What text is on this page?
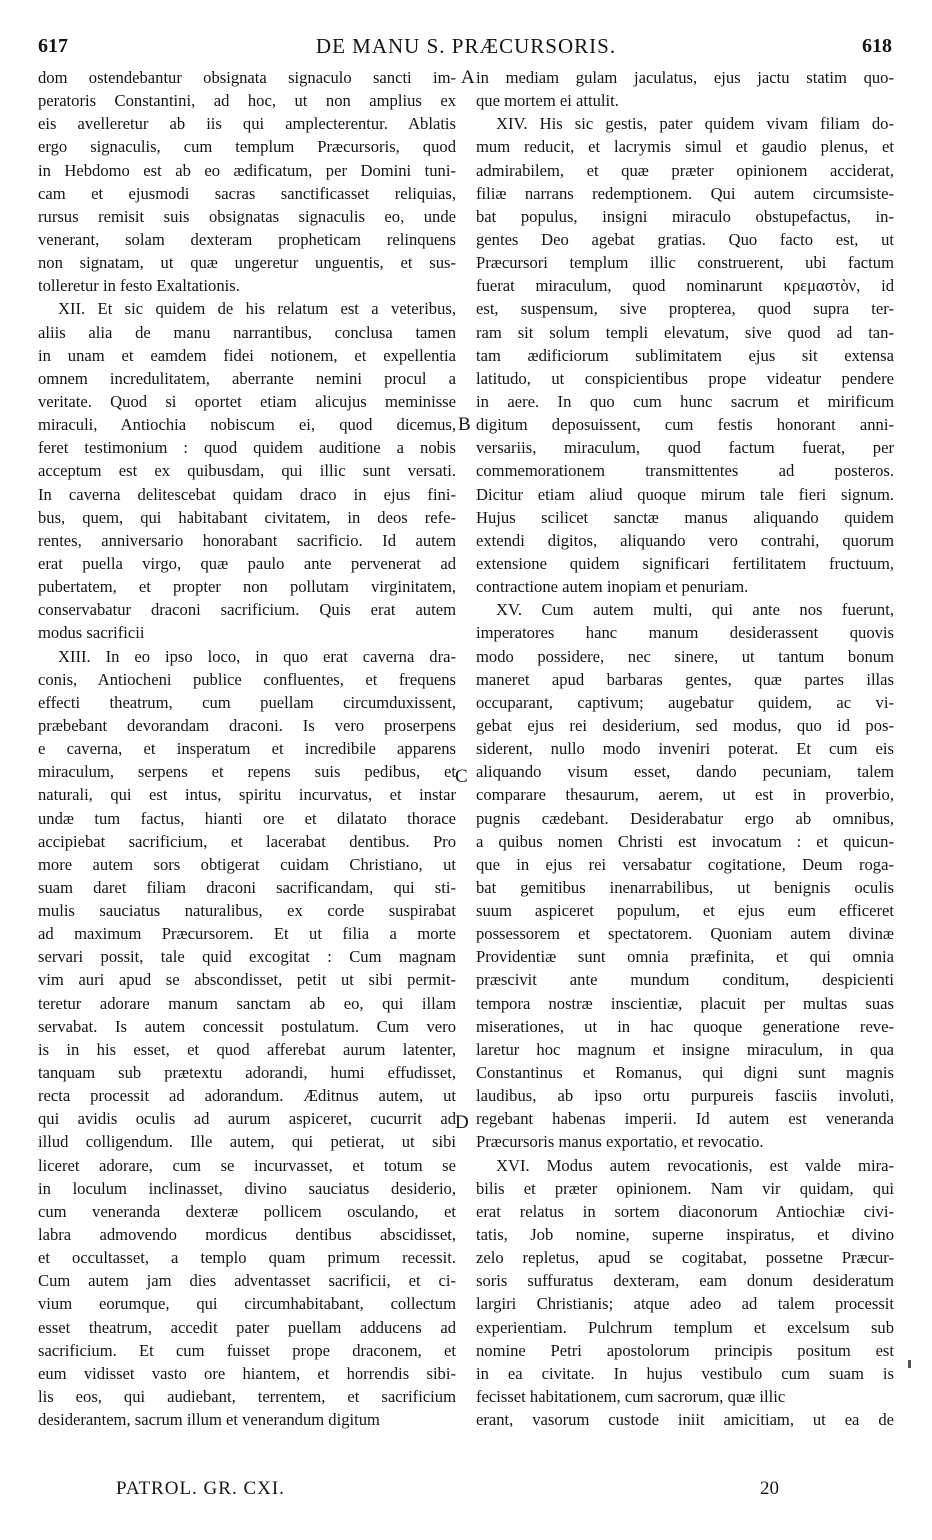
617	DE MANU S. PRÆCURSORIS.	618
dom ostendebantur obsignata signaculo sancti im-
peratoris Constantini, ad hoc, ut non amplius ex
eis avelleretur ab iis qui amplecterentur. Ablatis
ergo signaculis, cum templum Præcursoris, quod
in Hebdomo est ab eo ædificatum, per Domini tuni-
cam et ejusmodi sacras sanctificasset reliquias,
rursus remisit suis obsignatas signaculis eo, unde
venerant, solam dexteram propheticam relinquens
non signatam, ut quæ ungeretur unguentis, et sus-
tolleretur in festo Exaltationis.
XII. Et sic quidem de his relatum est a veteribus,
aliis alia de manu narrantibus, conclusa tamen
in unam et eamdem fidei notionem, et expellentia
omnem incredulitatem, aberrante nemini procul a
veritate. Quod si oportet etiam alicujus meminisse
miraculi, Antiochia nobiscum ei, quod dicemus,
feret testimonium : quod quidem auditione a nobis
acceptum est ex quibusdam, qui illic sunt versati.
In caverna delitescebat quidam draco in ejus fini-
bus, quem, qui habitabant civitatem, in deos refe-
rentes, anniversario honorabant sacrificio. Id autem
erat puella virgo, quæ paulo ante pervenerat ad
pubertatem, et propter non pollutam virginitatem,
conservabatur draconi sacrificium. Quis erat autem
modus sacrificii
XIII. In eo ipso loco, in quo erat caverna dra-
conis, Antiocheni publice confluentes, et frequens
effecti theatrum, cum puellam circumduxissent,
præbebant devorandam draconi. Is vero proserpens
e caverna, et insperatum et incredibile apparens
miraculum, serpens et repens suis pedibus, et
naturali, qui est intus, spiritu incurvatus, et instar
undæ tum factus, hianti ore et dilatato thorace
accipiebat sacrificium, et lacerabat dentibus. Pro
more autem sors obtigerat cuidam Christiano, ut
suam daret filiam draconi sacrificandam, qui sti-
mulis sauciatus naturalibus, ex corde suspirabat
ad maximum Præcursorem. Et ut filia a morte
servari possit, tale quid excogitat : Cum magnam
vim auri apud se abscondisset, petit ut sibi permit-
teretur adorare manum sanctam ab eo, qui illam
servabat. Is autem concessit postulatum. Cum vero
is in his esset, et quod afferebat aurum latenter,
tanquam sub prætextu adorandi, humi effudisset,
recta processit ad adorandum. Æditnus autem, ut
qui avidis oculis ad aurum aspiceret, cucurrit ad
illud colligendum. Ille autem, qui petierat, ut sibi
liceret adorare, cum se incurvasset, et totum se
in loculum inclinasset, divino sauciatus desiderio,
cum veneranda dexteræ pollicem osculando, et
labra admovendo mordicus dentibus abscidisset,
et occultasset, a templo quam primum recessit.
Cum autem jam dies adventasset sacrificii, et ci-
vium eorumque, qui circumhabitabant, collectum
esset theatrum, accedit pater puellam adducens ad
sacrificium. Et cum fuisset prope draconem, et
eum vidisset vasto ore hiantem, et horrendis sibi-
lis eos, qui audiebant, terrentem, et sacrificium
desiderantem, sacrum illum et venerandum digitum
in mediam gulam jaculatus, ejus jactu statim quo-
que mortem ei attulit.
XIV. His sic gestis, pater quidem vivam filiam do-
mum reducit, et lacrymis simul et gaudio plenus, et
admirabilem, et quæ præter opinionem acciderat,
filiæ narrans redemptionem. Qui autem circumsiste-
bat populus, insigni miraculo obstupefactus, in-
gentes Deo agebat gratias. Quo facto est, ut
Præcursori templum illic construerent, ubi factum
fuerat miraculum, quod nominarunt κρεμαστὸν, id
est, suspensum, sive propterea, quod supra ter-
ram sit solum templi elevatum, sive quod ad tan-
tam ædificiorum sublimitatem ejus sit extensa
latitudo, ut conspicientibus prope videatur pendere
in aere. In quo cum hunc sacrum et mirificum
digitum deposuissent, cum festis honorant anni-
versariis, miraculum, quod factum fuerat, per
commemorationem transmittentes ad posteros.
Dicitur etiam aliud quoque mirum tale fieri signum.
Hujus scilicet sanctæ manus aliquando quidem
extendi digitos, aliquando vero contrahi, quorum
extensione quidem significari fertilitatem fructuum,
contractione autem inopiam et penuriam.
XV. Cum autem multi, qui ante nos fuerunt,
imperatores hanc manum desiderassent quovis
modo possidere, nec sinere, ut tantum bonum
maneret apud barbaras gentes, quæ partes illas
occuparant, captivum; augebatur quidem, ac vi-
gebat ejus rei desiderium, sed modus, quo id pos-
siderent, nullo modo inveniri poterat. Et cum eis
aliquando visum esset, dando pecuniam, talem
comparare thesaurum, aerem, ut est in proverbio,
pugnis cædebant. Desiderabatur ergo ab omnibus,
a quibus nomen Christi est invocatum : et quicun-
que in ejus rei versabatur cogitatione, Deum roga-
bat gemitibus inenarrabilibus, ut benignis oculis
suum aspiceret populum, et ejus eum efficeret
possessorem et spectatorem. Quoniam autem divinæ
Providentiæ sunt omnia præfinita, et qui omnia
præscivit ante mundum conditum, despicienti
tempora nostræ inscientiæ, placuit per multas suas
miserationes, ut in hac quoque generatione reve-
laretur hoc magnum et insigne miraculum, in qua
Constantinus et Romanus, qui digni sunt magnis
laudibus, ab ipso ortu purpureis fasciis involuti,
regebant habenas imperii. Id autem est veneranda
Præcursoris manus exportatio, et revocatio.
XVI. Modus autem revocationis, est valde mira-
bilis et præter opinionem. Nam vir quidam, qui
erat relatus in sortem diaconorum Antiochiæ civi-
tatis, Job nomine, superne inspiratus, et divino
zelo repletus, apud se cogitabat, possetne Præcur-
soris suffuratus dexteram, eam donum desideratum
largiri Christianis; atque adeo ad talem processit
experientiam. Pulchrum templum et excelsum sub
nomine Petri apostolorum principis positum est
in ea civitate. In hujus vestibulo cum suam is
fecisset habitationem, cum sacrorum, quæ illic
erant, vasorum custode iniit amicitiam, ut ea de
A
B
C
D
PATROL. GR. CXI.	20
